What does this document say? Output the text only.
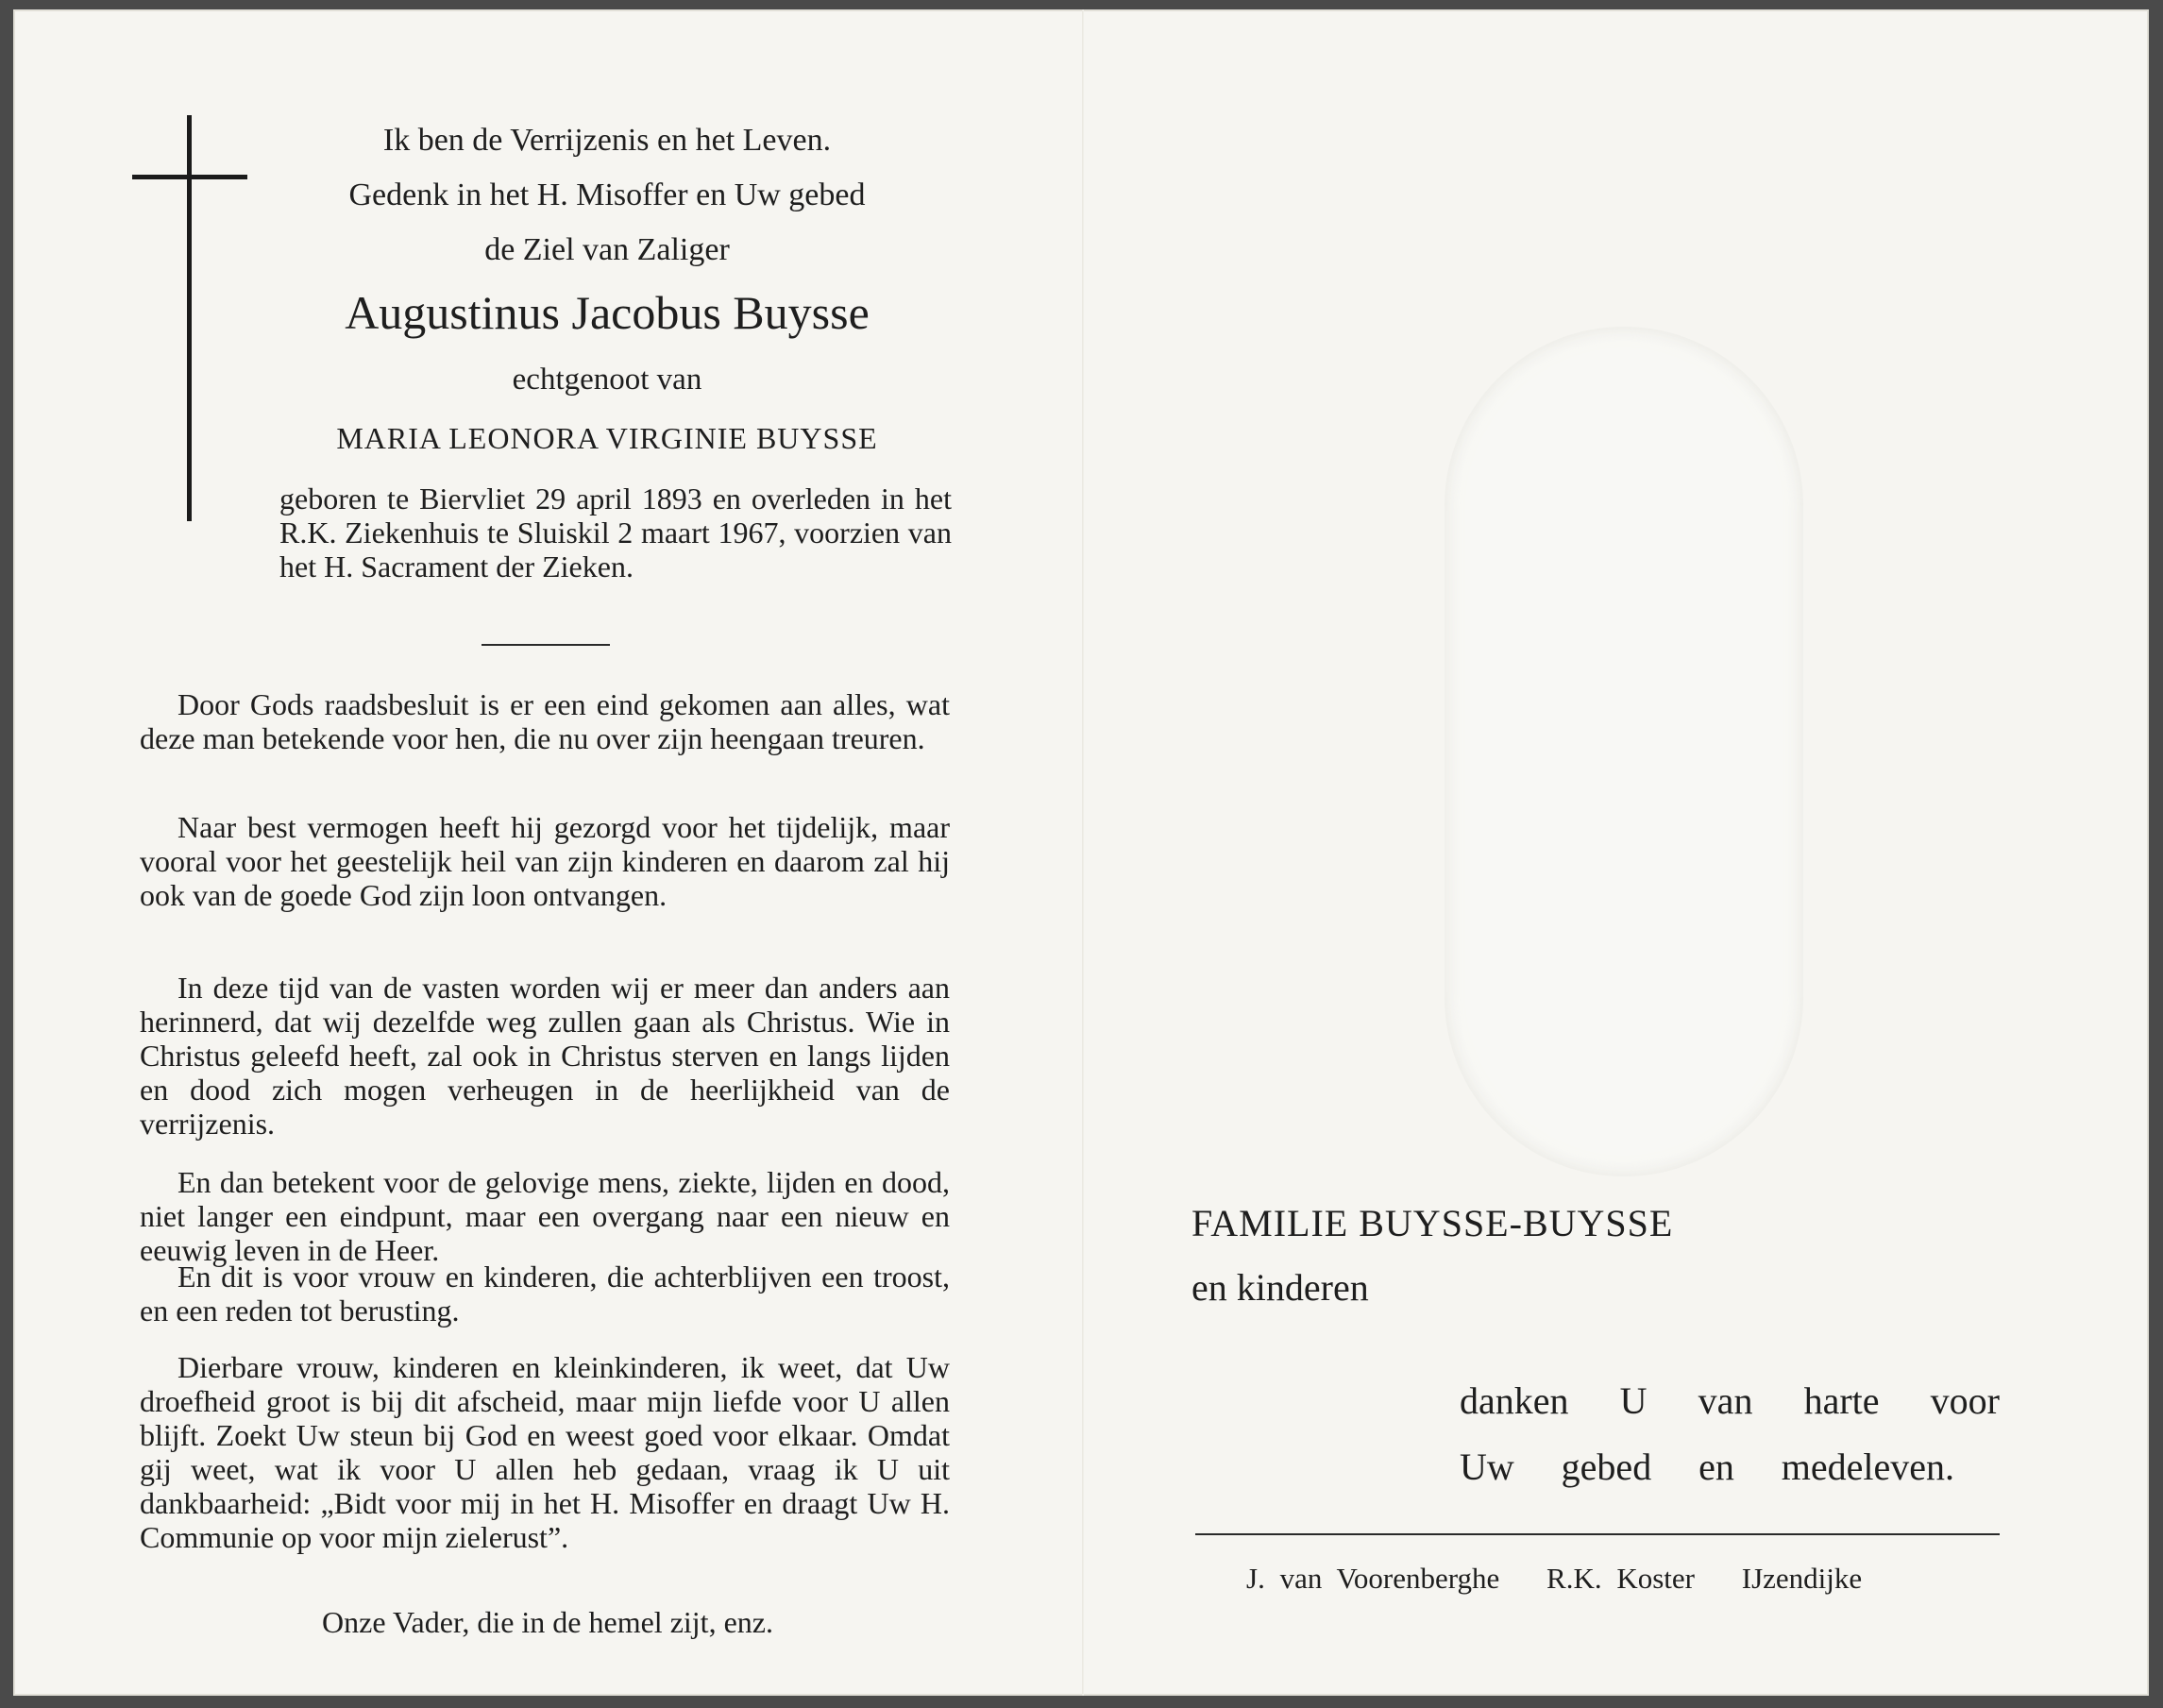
Ik ben de Verrijzenis en het Leven.
Gedenk in het H. Misoffer en Uw gebed
de Ziel van Zaliger
Augustinus Jacobus Buysse
echtgenoot van
MARIA LEONORA VIRGINIE BUYSSE
geboren te Biervliet 29 april 1893 en overleden in het R.K. Ziekenhuis te Sluiskil 2 maart 1967, voorzien van het H. Sacrament der Zieken.

Door Gods raadsbesluit is er een eind gekomen aan alles, wat deze man betekende voor hen, die nu over zijn heengaan treuren.

Naar best vermogen heeft hij gezorgd voor het tijdelijk, maar vooral voor het geestelijk heil van zijn kinderen en daarom zal hij ook van de goede God zijn loon ontvangen.

In deze tijd van de vasten worden wij er meer dan anders aan herinnerd, dat wij dezelfde weg zullen gaan als Christus. Wie in Christus geleefd heeft, zal ook in Christus sterven en langs lijden en dood zich mogen verheugen in de heerlijkheid van de verrijzenis.

En dan betekent voor de gelovige mens, ziekte, lijden en dood, niet langer een eindpunt, maar een overgang naar een nieuw en eeuwig leven in de Heer.

En dit is voor vrouw en kinderen, die achterblijven een troost, en een reden tot berusting.

Dierbare vrouw, kinderen en kleinkinderen, ik weet, dat Uw droefheid groot is bij dit afscheid, maar mijn liefde voor U allen blijft. Zoekt Uw steun bij God en weest goed voor elkaar. Omdat gij weet, wat ik voor U allen heb gedaan, vraag ik U uit dankbaarheid: „Bidt voor mij in het H. Misoffer en draagt Uw H. Communie op voor mijn zielerust”.

Onze Vader, die in de hemel zijt, enz.
FAMILIE BUYSSE-BUYSSE
en kinderen
danken U van harte voor
Uw gebed en medeleven.
J. van Voorenberghe R.K. Koster IJzendijke
